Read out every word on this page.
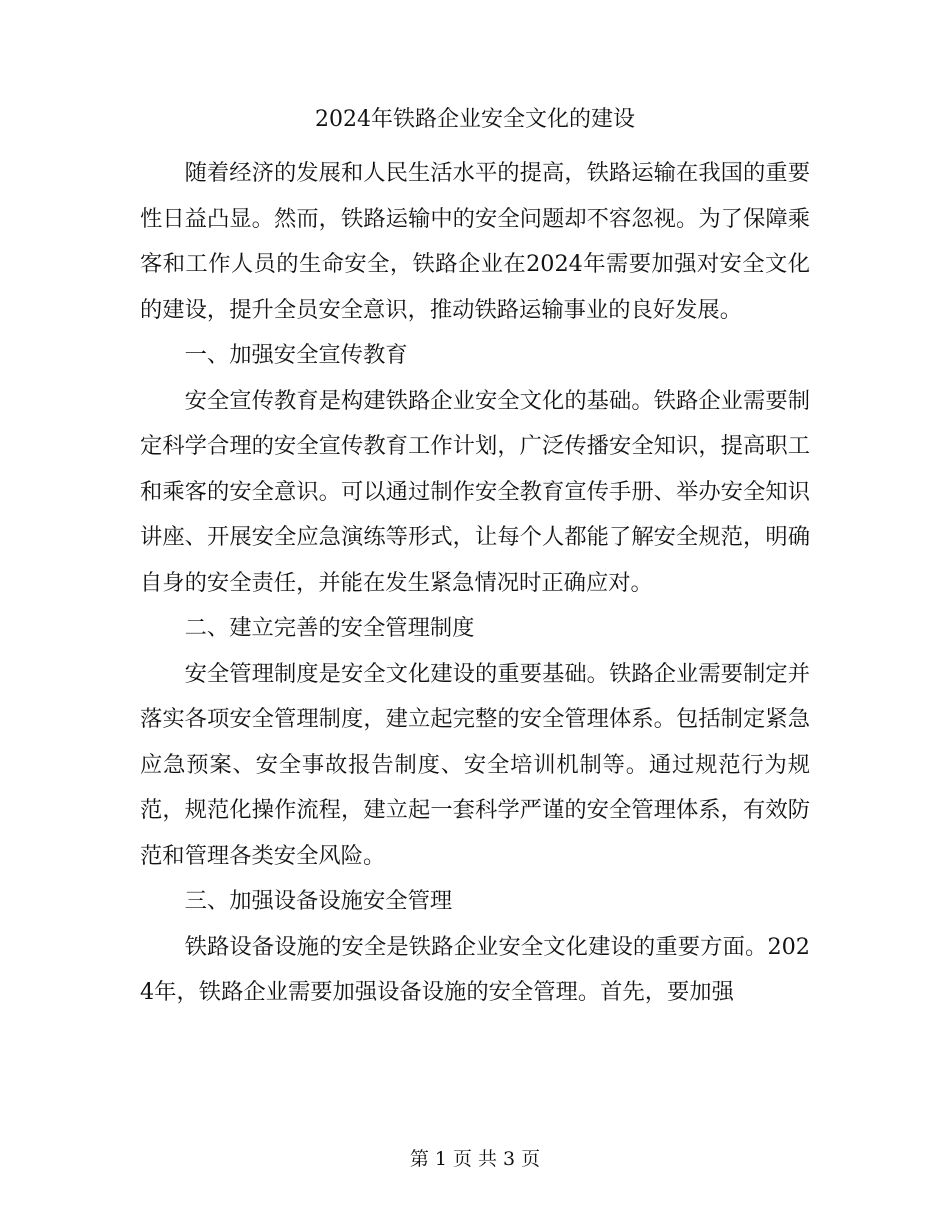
2024年铁路企业安全文化的建设

随着经济的发展和人民生活水平的提高，铁路运输在我国的重要性日益凸显。然而，铁路运输中的安全问题却不容忽视。为了保障乘客和工作人员的生命安全，铁路企业在2024年需要加强对安全文化的建设，提升全员安全意识，推动铁路运输事业的良好发展。

一、加强安全宣传教育

安全宣传教育是构建铁路企业安全文化的基础。铁路企业需要制定科学合理的安全宣传教育工作计划，广泛传播安全知识，提高职工和乘客的安全意识。可以通过制作安全教育宣传手册、举办安全知识讲座、开展安全应急演练等形式，让每个人都能了解安全规范，明确自身的安全责任，并能在发生紧急情况时正确应对。

二、建立完善的安全管理制度

安全管理制度是安全文化建设的重要基础。铁路企业需要制定并落实各项安全管理制度，建立起完整的安全管理体系。包括制定紧急应急预案、安全事故报告制度、安全培训机制等。通过规范行为规范，规范化操作流程，建立起一套科学严谨的安全管理体系，有效防范和管理各类安全风险。

三、加强设备设施安全管理

铁路设备设施的安全是铁路企业安全文化建设的重要方面。2024年，铁路企业需要加强设备设施的安全管理。首先，要加强

第 1 页 共 3 页
